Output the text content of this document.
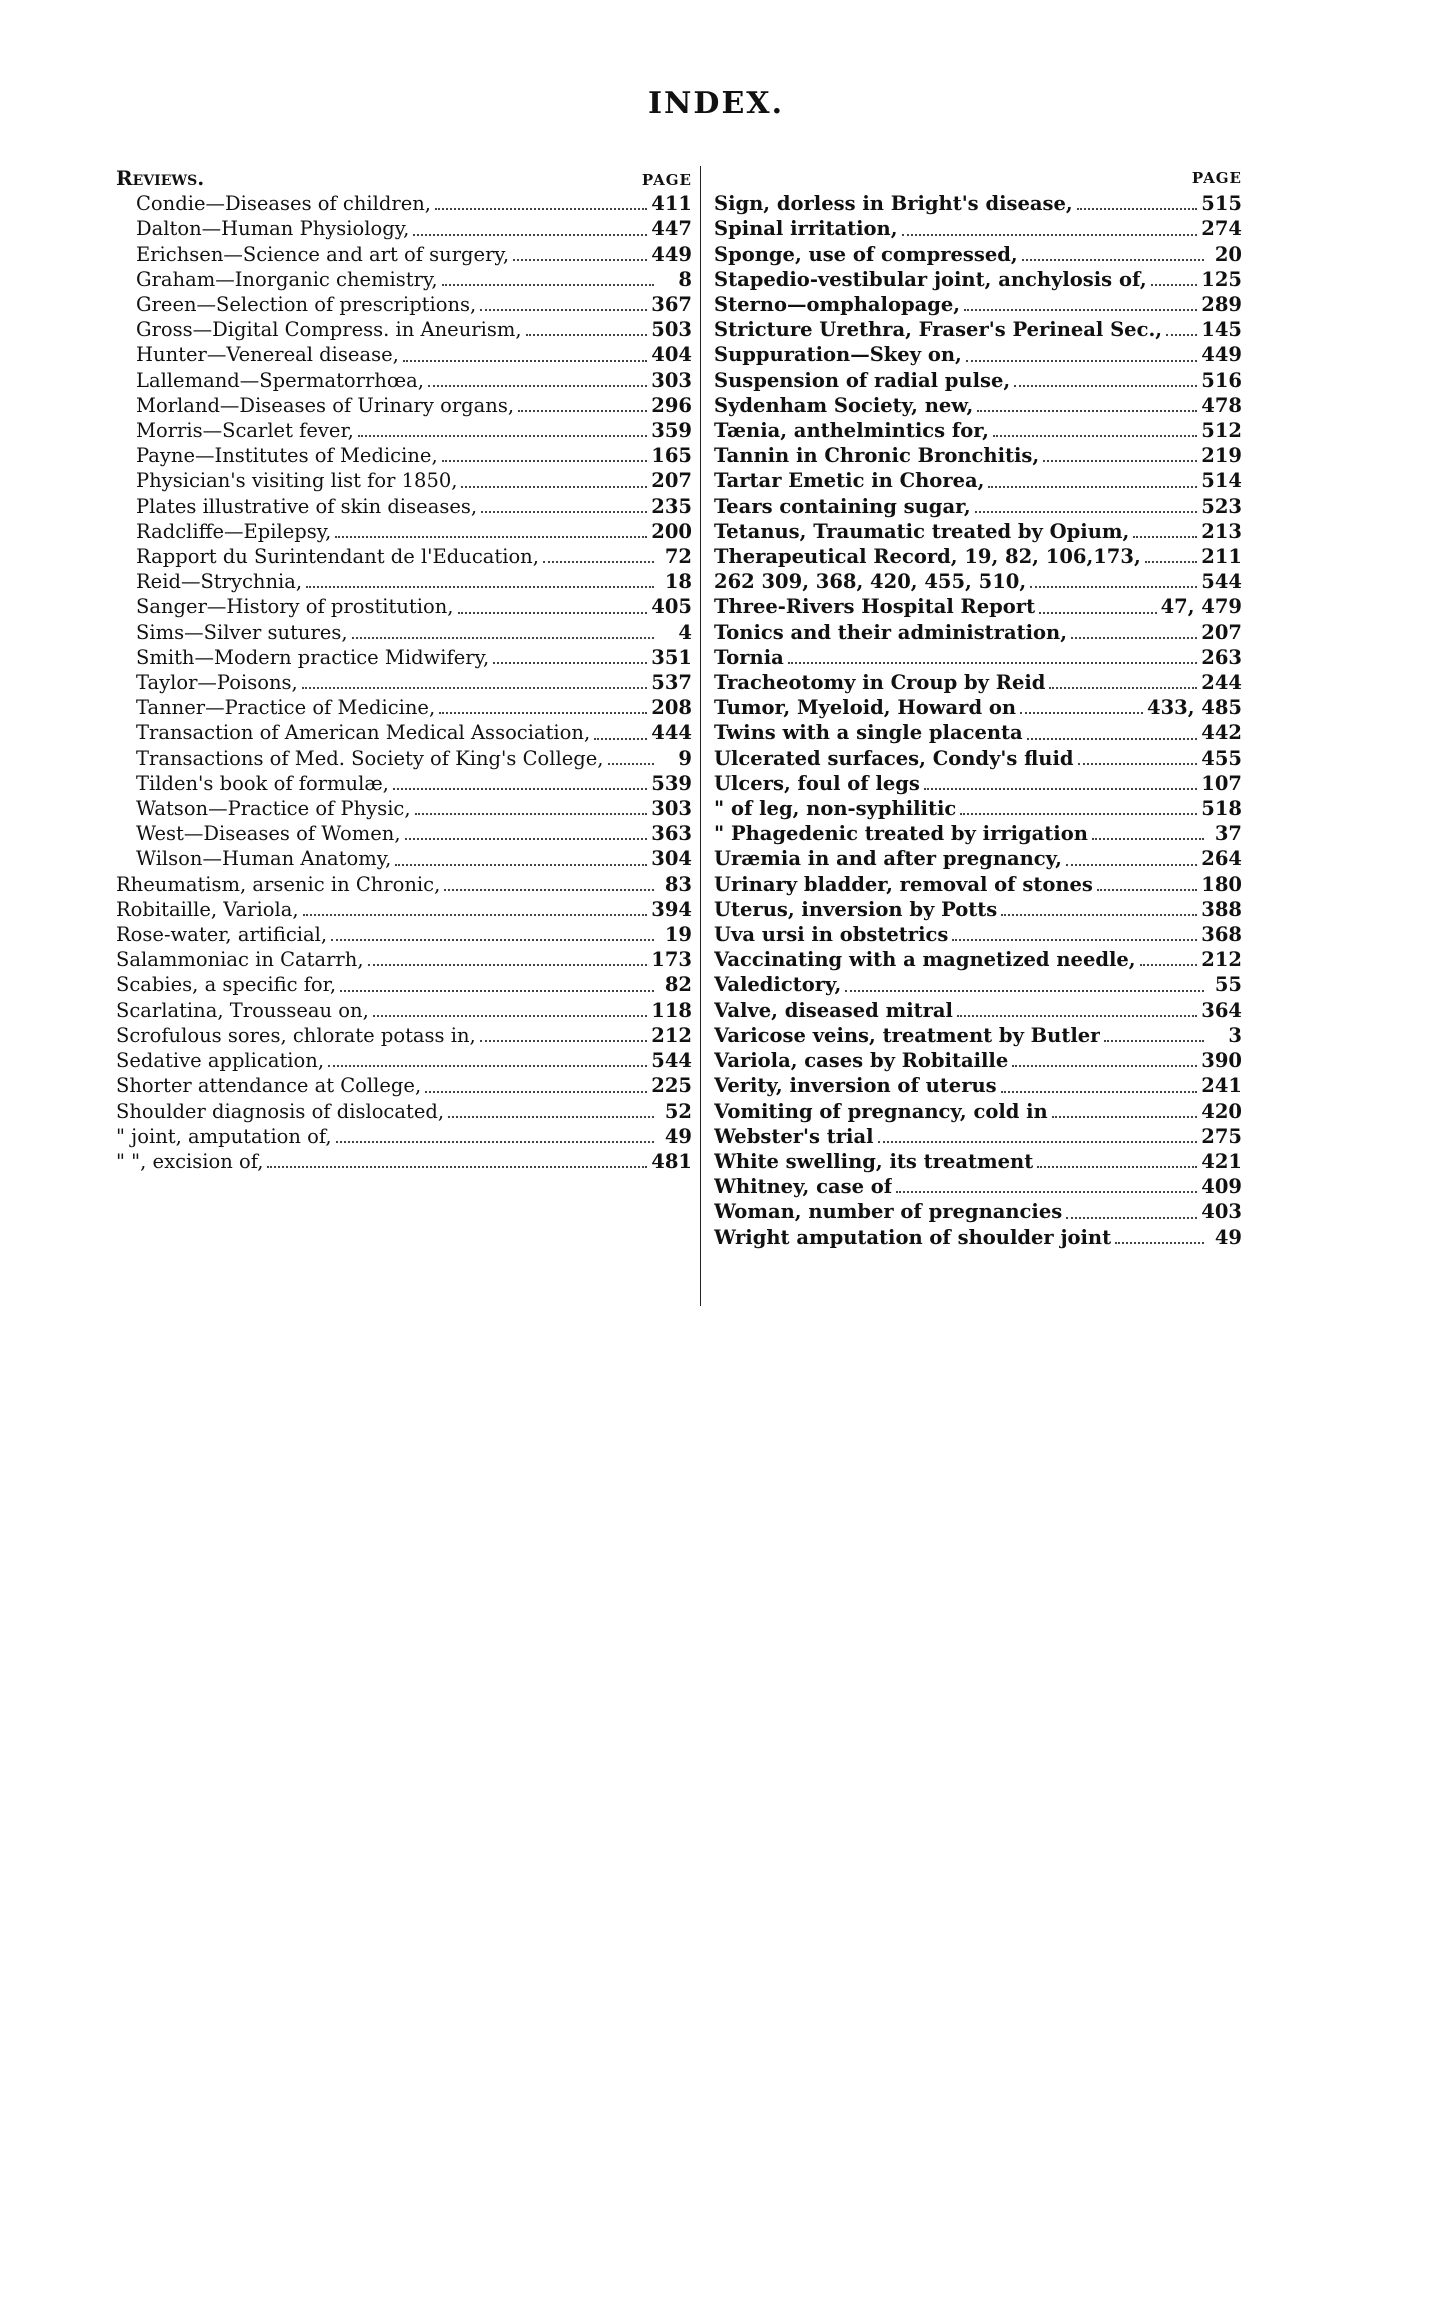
INDEX.
Reviews.	PAGE
Condie—Diseases of children,	411
Dalton—Human Physiology,	447
Erichsen—Science and art of surgery,	449
Graham—Inorganic chemistry,	8
Green—Selection of prescriptions,	367
Gross—Digital Compress. in Aneurism,	503
Hunter—Venereal disease,	404
Lallemand—Spermatorrhœa,	303
Morland—Diseases of Urinary organs,	296
Morris—Scarlet fever,	359
Payne—Institutes of Medicine,	165
Physician's visiting list for 1850,	207
Plates illustrative of skin diseases,	235
Radcliffe—Epilepsy,	200
Rapport du Surintendant de l'Education,	72
Reid—Strychnia,	18
Sanger—History of prostitution,	405
Sims—Silver sutures,	4
Smith—Modern practice Midwifery,	351
Taylor—Poisons,	537
Tanner—Practice of Medicine,	208
Transaction of American Medical Association,	444
Transactions of Med. Society of King's College,	9
Tilden's book of formulæ,	539
Watson—Practice of Physic,	303
West—Diseases of Women,	363
Wilson—Human Anatomy,	304
Rheumatism, arsenic in Chronic,	83
Robitaille, Variola,	394
Rose-water, artificial,	19
Salammoniac in Catarrh,	173
Scabies, a specific for,	82
Scarlatina, Trousseau on,	118
Scrofulous sores, chlorate potass in,	212
Sedative application,	544
Shorter attendance at College,	225
Shoulder diagnosis of dislocated,	52
" joint, amputation of,	49
" ", excision of,	481
PAGE
Sign, dorless in Bright's disease,	515
Spinal irritation,	274
Sponge, use of compressed,	20
Stapedio-vestibular joint, anchylosis of,	125
Sterno—omphalopage,	289
Stricture Urethra, Fraser's Perineal Sec., 145
Suppuration—Skey on,	449
Suspension of radial pulse,	516
Sydenham Society, new,	478
Tænia, anthelmintics for,	512
Tannin in Chronic Bronchitis,	219
Tartar Emetic in Chorea,	514
Tears containing sugar,	523
Tetanus, Traumatic treated by Opium,	213
Therapeutical Record, 19, 82, 106,173,	211
262 309, 368, 420, 455, 510,	544
Three-Rivers Hospital Report	47, 479
Tonics and their administration,	207
Tornia	263
Tracheotomy in Croup by Reid	244
Tumor, Myeloid, Howard on	433, 485
Twins with a single placenta	442
Ulcerated surfaces, Condy's fluid	455
Ulcers, foul of legs	107
" of leg, non-syphilitic	518
" Phagedenic treated by irrigation	37
Uræmia in and after pregnancy,	264
Urinary bladder, removal of stones	180
Uterus, inversion by Potts	388
Uva ursi in obstetrics	368
Vaccinating with a magnetized needle,	212
Valedictory,	55
Valve, diseased mitral	364
Varicose veins, treatment by Butler	3
Variola, cases by Robitaille	390
Verity, inversion of uterus	241
Vomiting of pregnancy, cold in	420
Webster's trial	275
White swelling, its treatment	421
Whitney, case of	409
Woman, number of pregnancies	403
Wright amputation of shoulder joint	49
